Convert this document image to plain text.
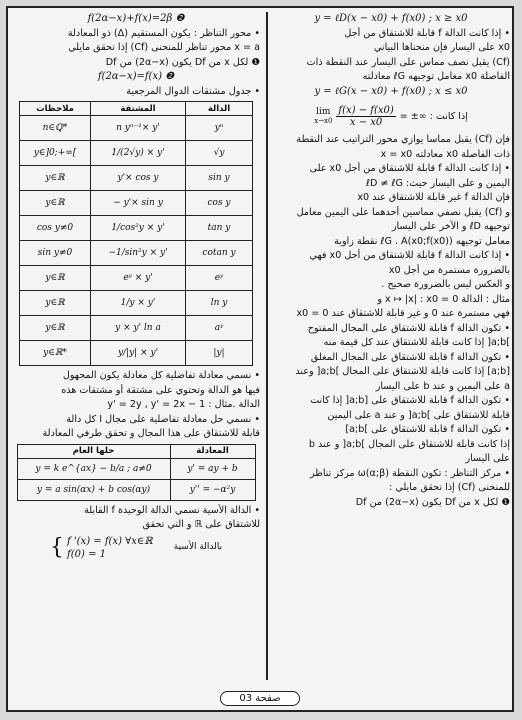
f(2α−x)+f(x)=2β ❷
• محور التناظر : يكون المستقيم (Δ) ذو المعادلة
x = a محور تناظر للمنحنى (Cf) إذا تحقق مايلي
❶ لكل x من Df يكون (2α−x) من Df
f(2α−x)=f(x) ❷
• جدول مشتقات الدوال المرجعية
ملاحظات	المشتقة	الدالة
n∈ℚ*	n yⁿ⁻¹× y'	yⁿ
y∈]0;+∞[	1/(2√y) × y'	√y
y∈ℝ	y'× cos y	sin y
y∈ℝ	− y'× sin y	cos y
cos y≠0	1/cos²y × y'	tan y
sin y≠0	−1/sin²y × y'	cotan y
y∈ℝ	eʸ × y'	eʸ
y∈ℝ	1/y × y'	ln y
y∈ℝ	y × y' ln a	aʸ
y∈ℝ*	y/|y| × y'	|y|
• نسمي معادلة تفاضلية كل معادلة يكون المجهول
فيها هو الدالة وتحتوي على مشتقة أو مشتقات هذه
الدالة .مثال : y' = 2y , y' = 2x − 1
• نسمي حل معادلة تفاضلية على مجال I كل دالة
قابلة للاشتقاق على هذا المجال و تحقق طرفي المعادلة
حلها العام	المعادلة
y = k e^{ax} − b/a ; a≠0	y' = ay + b
y = a sin(αx) + b cos(αy)	y'' = −α²y
• الدالة الأسية نسمي الدالة الوحيدة f القابلة
للاشتقاق على ℝ و التي تحقق
{ f '(x) = f(x) ∀x∈ℝ
f(0) = 1
بالدالة الأسية
y = ℓD(x − x0) + f(x0) ; x ≥ x0
• إذا كانت الدالة f قابلة للاشتقاق من أجل
x0 على اليسار فإن منحناها البياني
(Cf) يقبل نصف مماس على اليسار عند النقطة ذات
الفاصلة x0 معامل توجيهه ℓG معادلته
y = ℓG(x − x0) + f(x0) ; x ≤ x0
lim
$x\to x0 \frac{f(x) - f(x0)}{x - x0}$ = ±∞ : إذا كانت
فإن (Cf) يقبل مماسا يوازي محور التراتيب عند النقطة
ذات الفاصلة x0 معادلته x = x0
• إذا كانت الدالة f قابلة للاشتقاق من أجل x0 على
اليمين و على اليسار حيث: ℓD ≠ ℓG
فإن الدالة f غير قابلة للاشتقاق عند x0
و (Cf) يقبل نصفي مماسين أحدهما على اليمين معامل
توجيهه ℓD و الآخر على اليسار
معامل توجيهه ℓG . A(x0;f(x0)) نقطة زاوية
• إذا كانت الدالة f قابلة للاشتقاق من أجل x0 فهي
بالضرورة مستمرة من أجل x0
و العكس ليس بالضرورة صحيح .
مثال : الدالة x ↦ |x| : x0 = 0 و
فهي مستمرة عند 0 و غير قابلة للاشتقاق عند x0 = 0
• تكون الدالة f قابلة للاشتقاق على المجال المفتوح
]a;b[ إذا كانت قابلة للاشتقاق عند كل قيمة منه
• تكون الدالة f قابلة للاشتقاق على المجال المغلق
[a;b] إذا كانت قابلة للاشتقاق على المجال ]a;b[ وعند
a على اليمين و عند b على اليسار
• تكون الدالة f قابلة للاشتقاق على [a;b[ إذا كانت
قابلة للاشتقاق على ]a;b[ و عند a على اليمين
• تكون الدالة f قابلة للاشتقاق على ]a;b]
إذا كانت قابلة للاشتقاق على المجال ]a;b[ و عند b
على اليسار
• مركز التناظر : تكون النقطة ω(α;β) مركز تناظر
للمنحنى (Cf) إذا تحقق مايلي :
❶ لكل x من Df يكون (2α−x) من Df
صفحة 03
